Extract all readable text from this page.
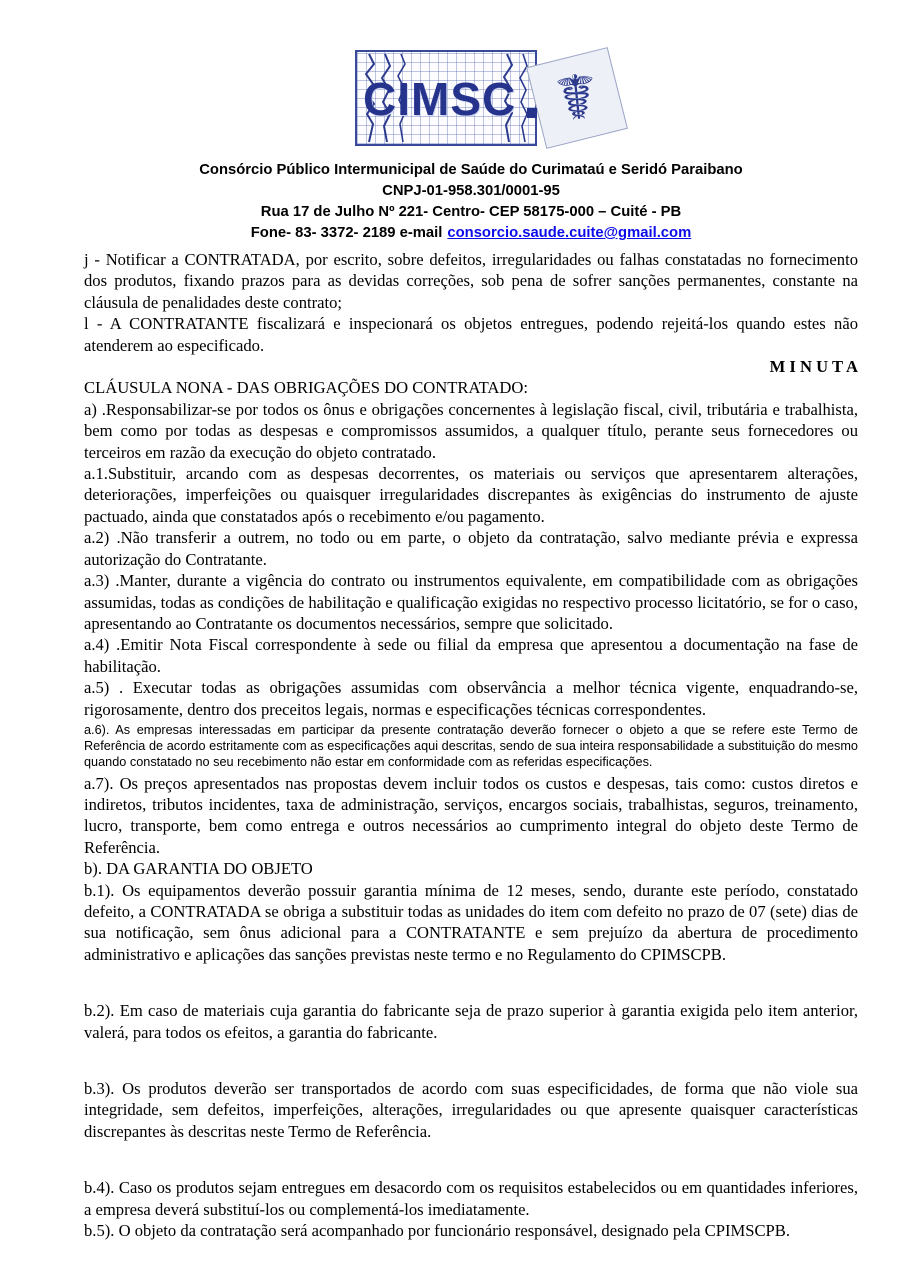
☤
CIMSC
Consórcio Público Intermunicipal de Saúde do Curimataú e Seridó Paraibano
CNPJ-01-958.301/0001-95
Rua 17 de Julho Nº 221- Centro- CEP 58175-000 – Cuité - PB
Fone- 83- 3372- 2189 e-mail consorcio.saude.cuite@gmail.com

j - Notificar a CONTRATADA, por escrito, sobre defeitos, irregularidades ou falhas constatadas no fornecimento dos produtos, fixando prazos para as devidas correções, sob pena de sofrer sanções permanentes, constante na cláusula de penalidades deste contrato;

l - A CONTRATANTE fiscalizará e inspecionará os objetos entregues, podendo rejeitá-los quando estes não atenderem ao especificado.

M I N U T A

CLÁUSULA NONA - DAS OBRIGAÇÕES DO CONTRATADO:

a) .Responsabilizar-se por todos os ônus e obrigações concernentes à legislação fiscal, civil, tributária e trabalhista, bem como por todas as despesas e compromissos assumidos, a qualquer título, perante seus fornecedores ou terceiros em razão da execução do objeto contratado.

a.1.Substituir, arcando com as despesas decorrentes, os materiais ou serviços que apresentarem alterações, deteriorações, imperfeições ou quaisquer irregularidades discrepantes às exigências do instrumento de ajuste pactuado, ainda que constatados após o recebimento e/ou pagamento.

a.2) .Não transferir a outrem, no todo ou em parte, o objeto da contratação, salvo mediante prévia e expressa autorização do Contratante.

a.3) .Manter, durante a vigência do contrato ou instrumentos equivalente, em compatibilidade com as obrigações assumidas, todas as condições de habilitação e qualificação exigidas no respectivo processo licitatório, se for o caso, apresentando ao Contratante os documentos necessários, sempre que solicitado.

a.4) .Emitir Nota Fiscal correspondente à sede ou filial da empresa que apresentou a documentação na fase de habilitação.

a.5) . Executar todas as obrigações assumidas com observância a melhor técnica vigente, enquadrando-se, rigorosamente, dentro dos preceitos legais, normas e especificações técnicas correspondentes.

a.6). As empresas interessadas em participar da presente contratação deverão fornecer o objeto a que se refere este Termo de Referência de acordo estritamente com as especificações aqui descritas, sendo de sua inteira responsabilidade a substituição do mesmo quando constatado no seu recebimento não estar em conformidade com as referidas especificações.

a.7). Os preços apresentados nas propostas devem incluir todos os custos e despesas, tais como: custos diretos e indiretos, tributos incidentes, taxa de administração, serviços, encargos sociais, trabalhistas, seguros, treinamento, lucro, transporte, bem como entrega e outros necessários ao cumprimento integral do objeto deste Termo de Referência.

b). DA GARANTIA DO OBJETO

b.1). Os equipamentos deverão possuir garantia mínima de 12 meses, sendo, durante este período, constatado defeito, a CONTRATADA se obriga a substituir todas as unidades do item com defeito no prazo de 07 (sete) dias de sua notificação, sem ônus adicional para a CONTRATANTE e sem prejuízo da abertura de procedimento administrativo e aplicações das sanções previstas neste termo e no Regulamento do CPIMSCPB.

b.2). Em caso de materiais cuja garantia do fabricante seja de prazo superior à garantia exigida pelo item anterior, valerá, para todos os efeitos, a garantia do fabricante.

b.3). Os produtos deverão ser transportados de acordo com suas especificidades, de forma que não viole sua integridade, sem defeitos, imperfeições, alterações, irregularidades ou que apresente quaisquer características discrepantes às descritas neste Termo de Referência.

b.4). Caso os produtos sejam entregues em desacordo com os requisitos estabelecidos ou em quantidades inferiores, a empresa deverá substituí-los ou complementá-los imediatamente.

b.5). O objeto da contratação será acompanhado por funcionário responsável, designado pela CPIMSCPB.
